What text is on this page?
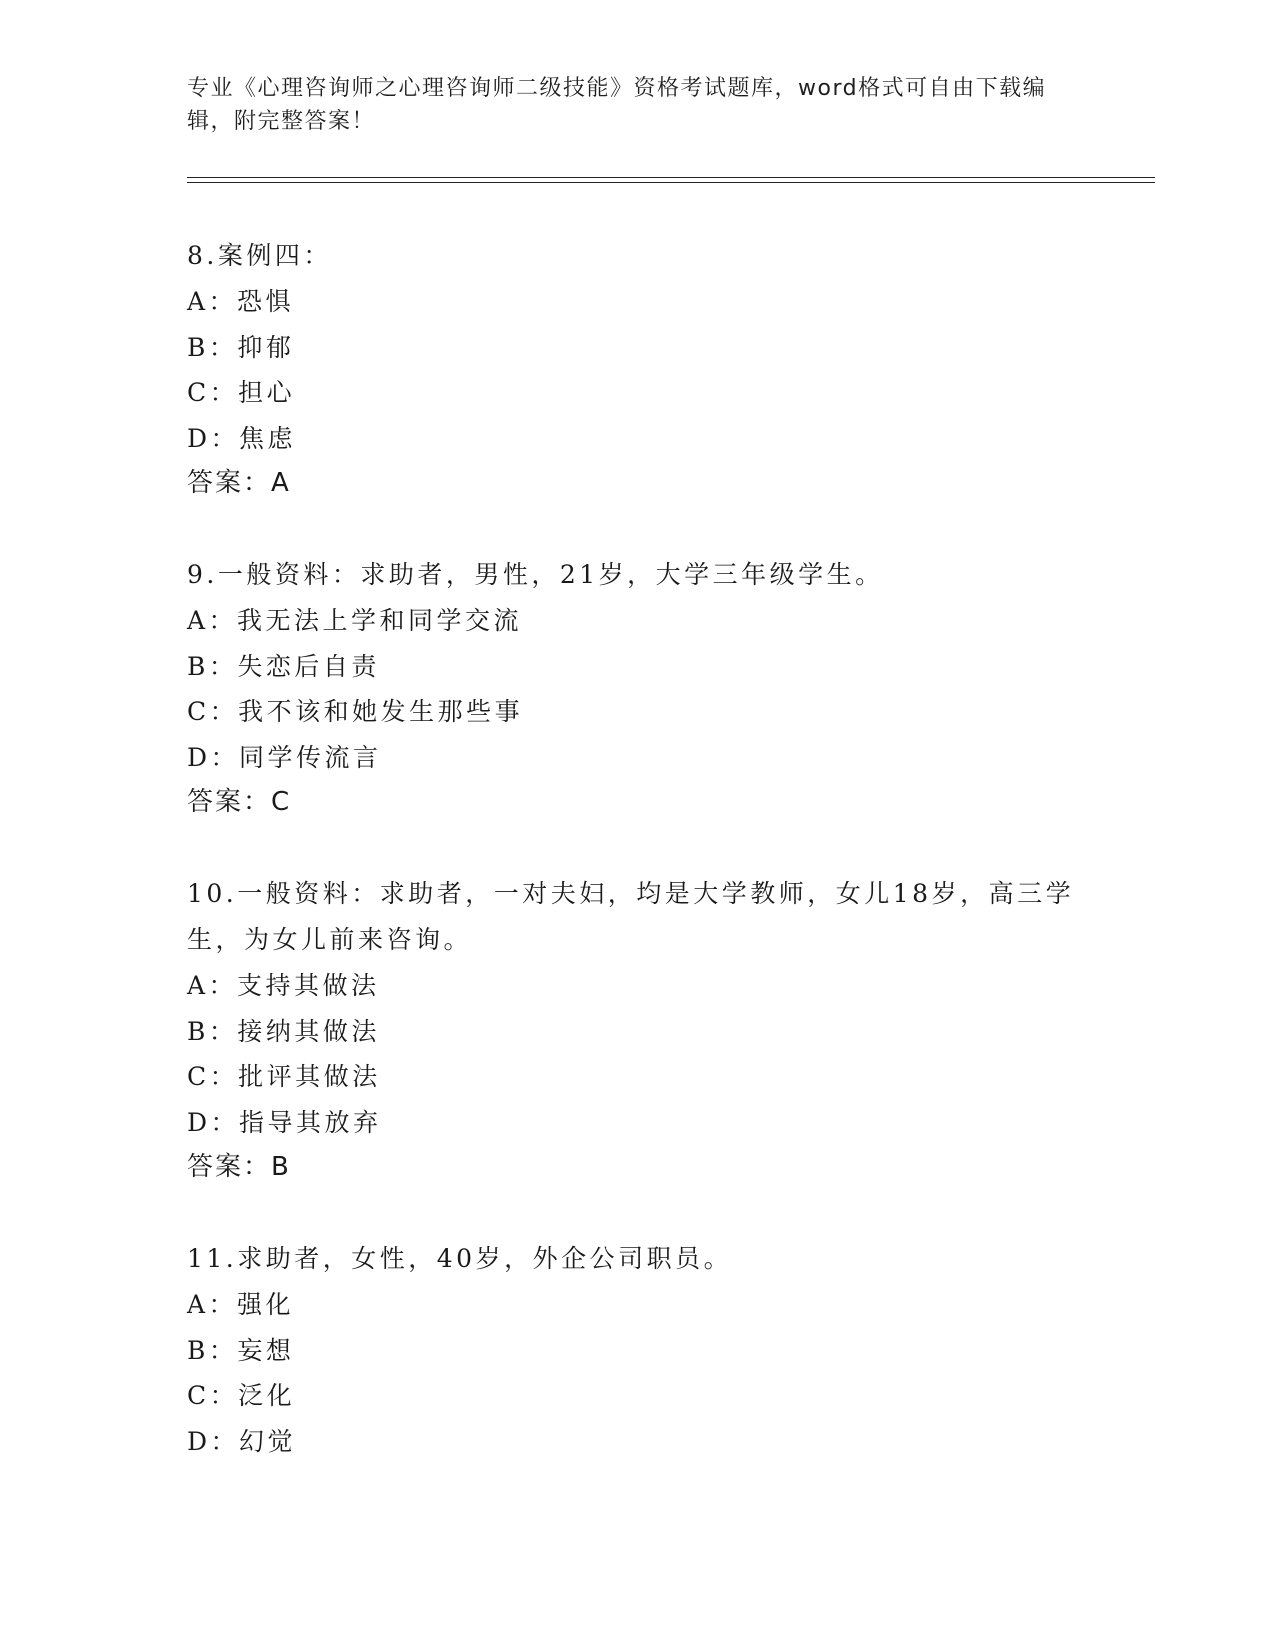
专业《心理咨询师之心理咨询师二级技能》资格考试题库，word格式可自由下载编辑，附完整答案！
8.案例四：
A：恐惧
B：抑郁
C：担心
D：焦虑
答案：A
9.一般资料：求助者，男性，21岁，大学三年级学生。
A：我无法上学和同学交流
B：失恋后自责
C：我不该和她发生那些事
D：同学传流言
答案：C
10.一般资料：求助者，一对夫妇，均是大学教师，女儿18岁，高三学生，为女儿前来咨询。
A：支持其做法
B：接纳其做法
C：批评其做法
D：指导其放弃
答案：B
11.求助者，女性，40岁，外企公司职员。
A：强化
B：妄想
C：泛化
D：幻觉
